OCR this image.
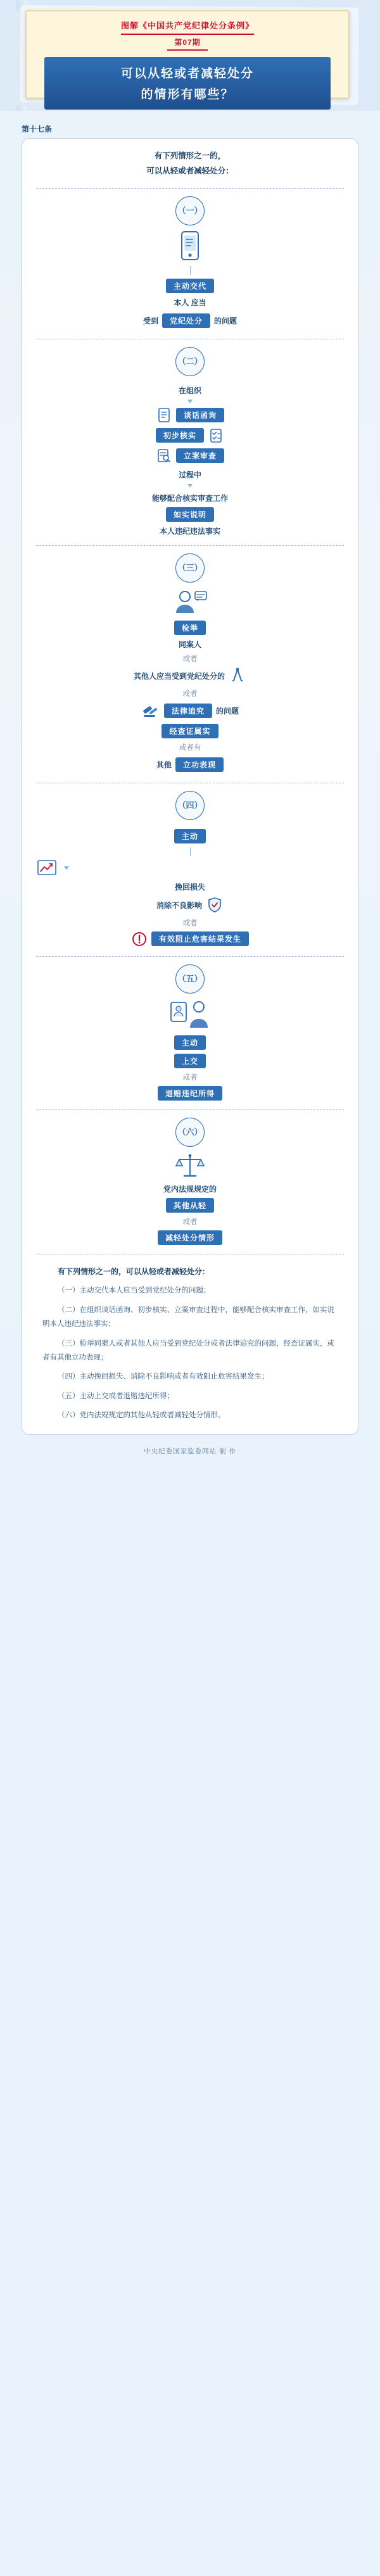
图解《中国共产党纪律处分条例》
第07期
可以从轻或者减轻处分
的情形有哪些？
第十七条
有下列情形之一的，
可以从轻或者减轻处分：
（一）
主动交代
本人 应当
受到	党纪处分	的问题
（二）
在组织
谈话函询
初步核实
立案审查
过程中
能够配合核实审查工作
如实说明
本人违纪违法事实
（三）
检举
同案人
或者
其他人应当受到党纪处分的
或者
法律追究	的问题
经查证属实
或者有
其他	立功表现
（四）
主动
挽回损失
消除不良影响
或者
有效阻止危害结果发生
（五）
主动
上交
或者
退赔违纪所得
（六）
党内法规规定的
其他从轻
或者
减轻处分情形
有下列情形之一的，可以从轻或者减轻处分：
（一）主动交代本人应当受到党纪处分的问题；
（二）在组织谈话函询、初步核实、立案审查过程中，能够配合核实审查工作，如实说明本人违纪违法事实；
（三）检举同案人或者其他人应当受到党纪处分或者法律追究的问题，经查证属实，或者有其他立功表现；
（四）主动挽回损失、消除不良影响或者有效阻止危害结果发生；
（五）主动上交或者退赔违纪所得；
（六）党内法规规定的其他从轻或者减轻处分情形。
中央纪委国家监委网站 制 作
